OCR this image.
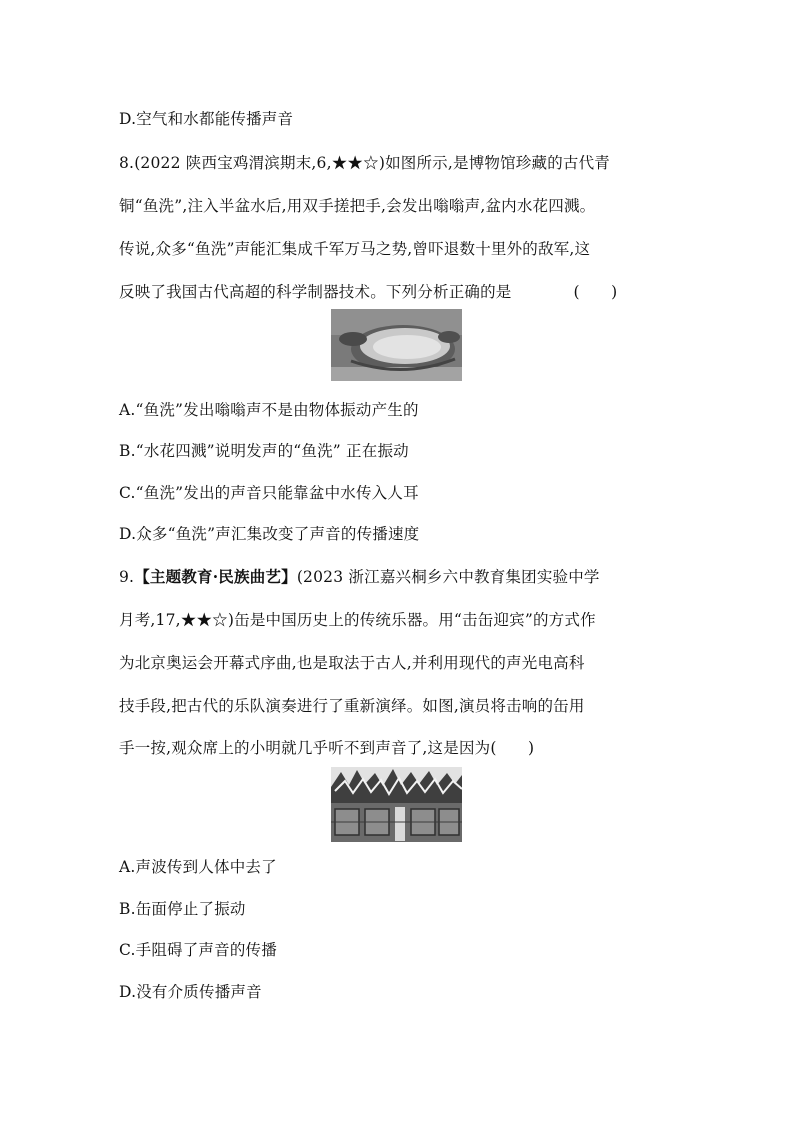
D.空气和水都能传播声音
8.(2022 陕西宝鸡渭滨期末,6,★★☆)如图所示,是博物馆珍藏的古代青
铜“鱼洗”,注入半盆水后,用双手搓把手,会发出嗡嗡声,盆内水花四溅。
传说,众多“鱼洗”声能汇集成千军万马之势,曾吓退数十里外的敌军,这
反映了我国古代高超的科学制器技术。下列分析正确的是	(　　)
A.“鱼洗”发出嗡嗡声不是由物体振动产生的
B.“水花四溅”说明发声的“鱼洗” 正在振动
C.“鱼洗”发出的声音只能靠盆中水传入人耳
D.众多“鱼洗”声汇集改变了声音的传播速度
9.【主题教育·民族曲艺】(2023 浙江嘉兴桐乡六中教育集团实验中学
月考,17,★★☆)缶是中国历史上的传统乐器。用“击缶迎宾”的方式作
为北京奥运会开幕式序曲,也是取法于古人,并利用现代的声光电高科
技手段,把古代的乐队演奏进行了重新演绎。如图,演员将击响的缶用
手一按,观众席上的小明就几乎听不到声音了,这是因为(　　)
A.声波传到人体中去了
B.缶面停止了振动
C.手阻碍了声音的传播
D.没有介质传播声音
